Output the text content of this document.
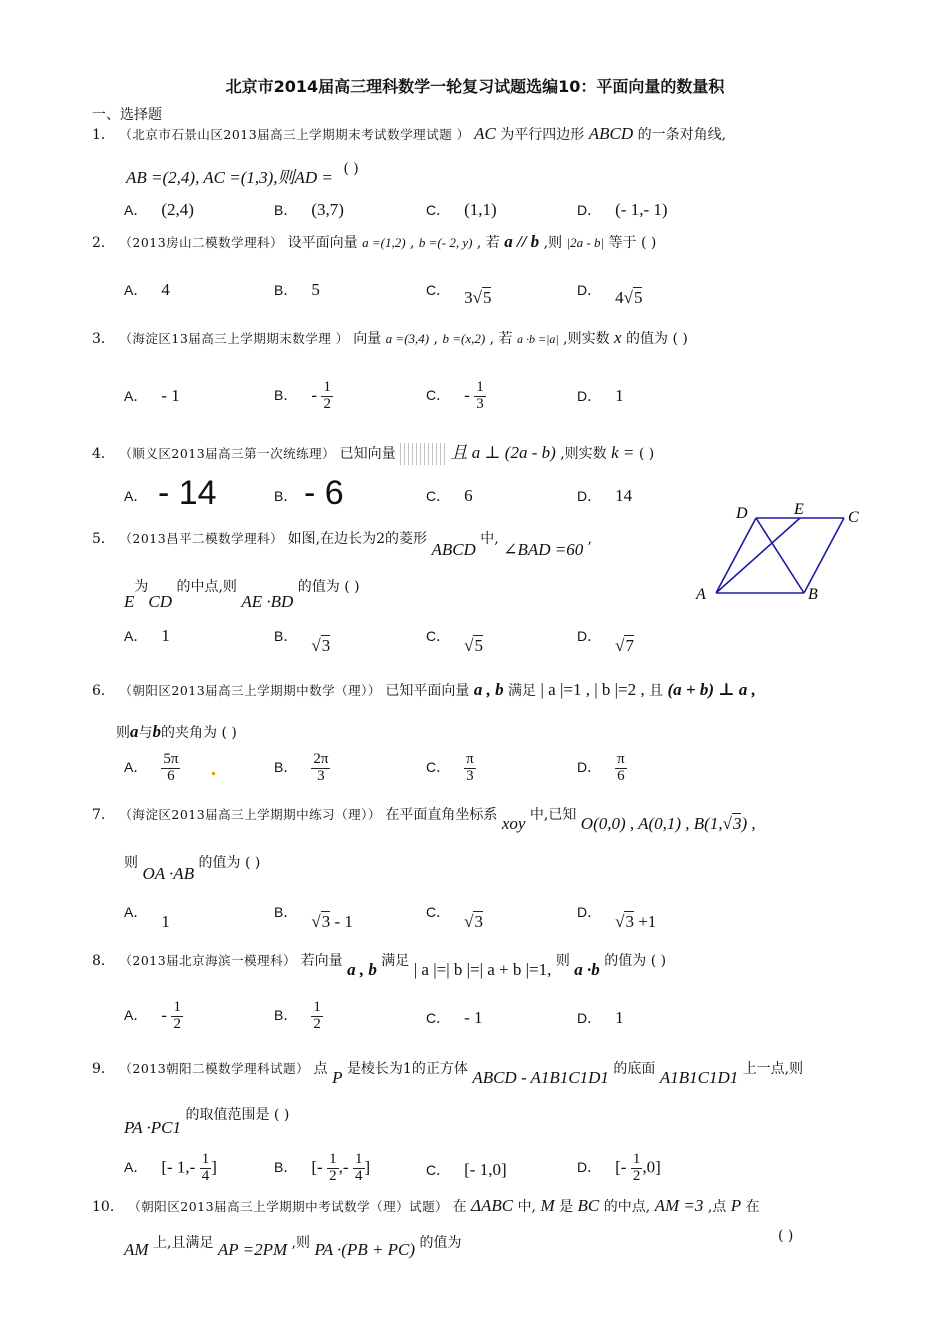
北京市2014届高三理科数学一轮复习试题选编10：平面向量的数量积
一、选择题
1． （北京市石景山区2013届高三上学期期末考试数学理试题 ） AC 为平行四边形 ABCD 的一条对角线,
AB =(2,4), AC =(1,3),则AD = ( )
A． (2,4)	B． (3,7)	C． (1,1)	D． (- 1,- 1)
2． （2013房山二模数学理科） 设平面向量 a =(1,2) , b =(- 2, y) , 若 a // b ,则 |2a - b| 等于 ( )
A． 4	B． 5	C． 3√5	D． 4√5
3． （海淀区13届高三上学期期末数学理 ） 向量 a =(3,4) , b =(x,2) , 若 a ·b =|a| ,则实数 x 的值为 ( )
A． - 1	B． - $\frac{1}{2}$	C． - $\frac{1}{3}$	D． 1
4． （顺义区2013届高三第一次统练理） 已知向量	且 a ⊥ (2a - b) ,则实数 k = ( )
A． - 14	B． - 6	C． 6	D． 14
5． （2013昌平二模数学理科） 如图,在边长为2的菱形 ABCD 中, ∠BAD =60 ,
E为CD 的中点,则 AE ·BD 的值为 ( )
A． 1	B． √3	C． √5	D． √7
D	E	C
A	B
6． （朝阳区2013届高三上学期期中数学（理）） 已知平面向量 a , b 满足 | a |=1 , | b |=2 , 且 (a + b) ⊥ a ,
则a与b的夹角为 ( )
A． $\frac{5\pi}{6}$	B． $\frac{2\pi}{3}$	C． $\frac{\pi}{3}$	D． $\frac{\pi}{6}$
7． （海淀区2013届高三上学期期中练习（理）） 在平面直角坐标系 xoy 中,已知 O(0,0) , A(0,1) , B(1,√3) ,
则 OA ·AB 的值为 ( )
A． 1	B． √3 - 1	C． √3	D． √3 +1
8． （2013届北京海滨一模理科） 若向量 a , b 满足 | a |=| b |=| a + b |=1, 则 a ·b 的值为 ( )
A． - $\frac{1}{2}$	B． $\frac{1}{2}$	C． - 1	D． 1
9． （2013朝阳二模数学理科试题） 点 P 是棱长为1的正方体 ABCD - A1B1C1D1 的底面 A1B1C1D1 上一点,则
PA ·PC1 的取值范围是 ( )
A． [- $1,- \frac{1}{4}$ ]	B． [- $\frac{1}{2}$ ,- $\frac{1}{4}$ ]	C． [- 1,0]	D． [- $\frac{1}{2} ,0$]
10． （朝阳区2013届高三上学期期中考试数学（理）试题） 在 ΔABC 中, M 是 BC 的中点, AM =3 ,点 P 在
AM 上,且满足 AP =2PM ,则 PA ·(PB + PC) 的值为	( )
